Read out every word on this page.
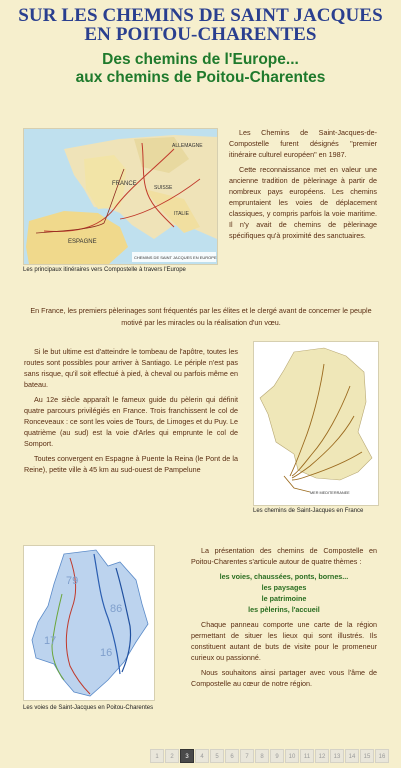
SUR LES CHEMINS DE SAINT JACQUES
EN POITOU-CHARENTES
Des chemins de l'Europe...
aux chemins de Poitou-Charentes
ALLEMAGNE
FRANCE
SUISSE
ITALIE
ESPAGNE
CHEMINS DE SAINT JACQUES EN EUROPE
Les principaux itinéraires vers Compostelle à travers l'Europe

Les Chemins de Saint-Jacques-de-Compostelle furent désignés "premier itinéraire culturel européen" en 1987.

Cette reconnaissance met en valeur une ancienne tradition de pèlerinage à partir de nombreux pays européens. Les chemins empruntaient les voies de déplacement classiques, y compris parfois la voie maritime. Il n'y avait de chemins de pèlerinage spécifiques qu'à proximité des sanctuaires.

En France, les premiers pèlerinages sont fréquentés par les élites et le clergé avant de concerner le peuple motivé par les miracles ou la réalisation d'un vœu.

Si le but ultime est d'atteindre le tombeau de l'apôtre, toutes les routes sont possibles pour arriver à Santiago. Le périple n'est pas sans risque, qu'il soit effectué à pied, à cheval ou parfois même en bateau.

Au 12e siècle apparaît le fameux guide du pèlerin qui définit quatre parcours privilégiés en France. Trois franchissent le col de Ronceveaux : ce sont les voies de Tours, de Limoges et du Puy. Le quatrième (au sud) est la voie d'Arles qui emprunte le col de Somport.

Toutes convergent en Espagne à Puente la Reina (le Pont de la Reine), petite ville à 45 km au sud-ouest de Pampelune

MER MEDITERRANEE
Les chemins de Saint-Jacques en France
79
86
17
16
Les voies de Saint-Jacques en Poitou-Charentes

La présentation des chemins de Compostelle en Poitou-Charentes s'articule autour de quatre thèmes :

les voies, chaussées, ponts, bornes...
les paysages
le patrimoine
les pèlerins, l'accueil

Chaque panneau comporte une carte de la région permettant de situer les lieux qui sont illustrés. Ils constituent autant de buts de visite pour le promeneur curieux ou passionné.

Nous souhaitons ainsi partager avec vous l'âme de Compostelle au cœur de notre région.

1	2	3	4	5	6	7	8	9	10	11	12	13	14	15	16
